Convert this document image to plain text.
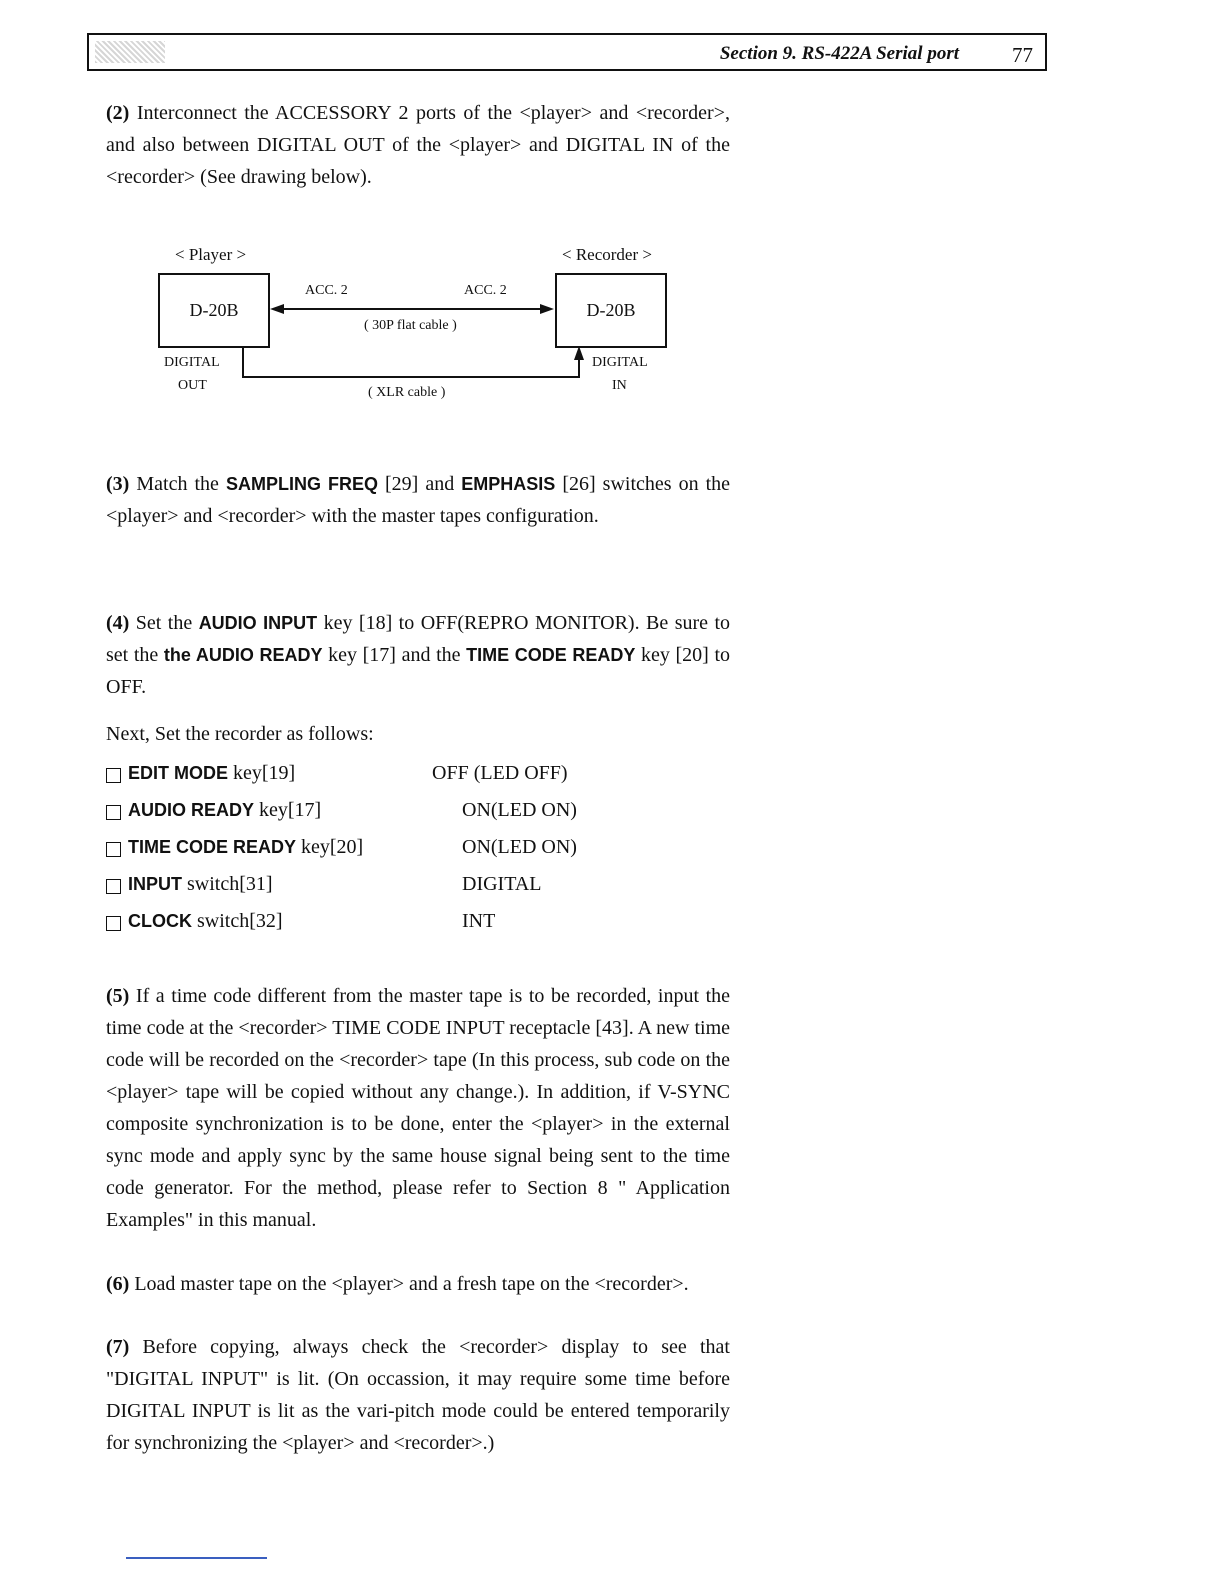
Section 9. RS-422A Serial port	77

(2) Interconnect the ACCESSORY 2 ports of the <player> and <recorder>, and also between DIGITAL OUT of the <player> and DIGITAL IN of the <recorder> (See drawing below).

< Player >	< Recorder >
D-20B	D-20B
ACC. 2	ACC. 2
( 30P flat cable )
DIGITAL
OUT
DIGITAL
IN
( XLR cable )

(3) Match the SAMPLING FREQ [29] and EMPHASIS [26] switches on the <player> and <recorder> with the master tapes configuration.

(4) Set the AUDIO INPUT key [18] to OFF(REPRO MONITOR). Be sure to set the the AUDIO READY key [17] and the TIME CODE READY key [20] to OFF.

Next, Set the recorder as follows:

EDIT MODE key[19]	OFF (LED OFF)
AUDIO READY key[17]	ON(LED ON)
TIME CODE READY key[20]	ON(LED ON)
INPUT switch[31]	DIGITAL
CLOCK switch[32]	INT

(5) If a time code different from the master tape is to be recorded, input the time code at the <recorder> TIME CODE INPUT receptacle [43]. A new time code will be recorded on the <recorder> tape (In this process, sub code on the <player> tape will be copied without any change.). In addition, if V-SYNC composite synchronization is to be done, enter the <player> in the external sync mode and apply sync by the same house signal being sent to the time code generator. For the method, please refer to Section 8 " Application Examples" in this manual.

(6) Load master tape on the <player> and a fresh tape on the <recorder>.

(7) Before copying, always check the <recorder> display to see that "DIGITAL INPUT" is lit. (On occassion, it may require some time before DIGITAL INPUT is lit as the vari-pitch mode could be entered temporarily for synchronizing the <player> and <recorder>.)
